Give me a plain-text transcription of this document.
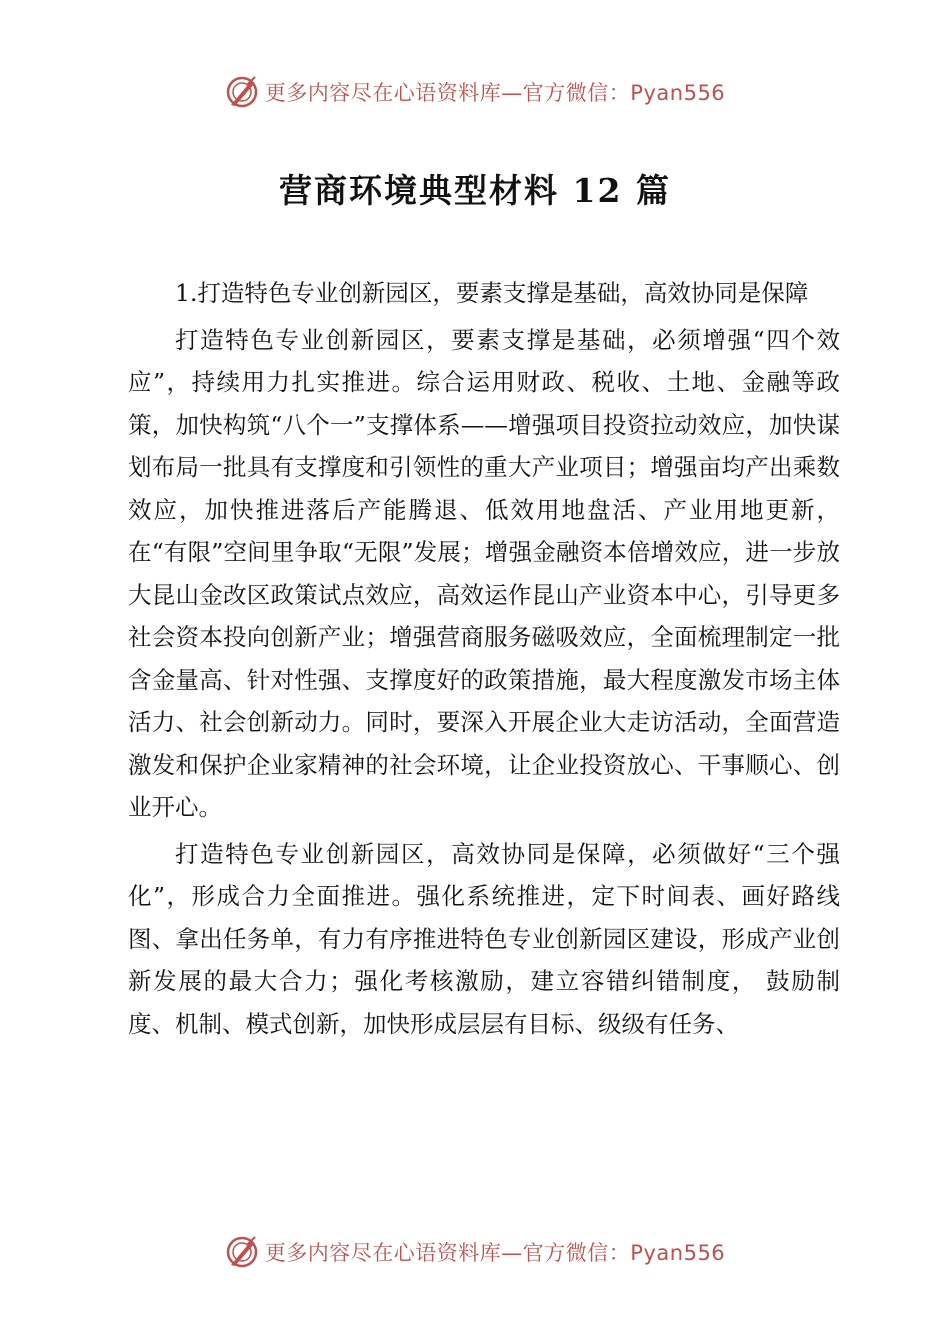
更多内容尽在心语资料库—官方微信：Pyan556
营商环境典型材料 12 篇

1.打造特色专业创新园区，要素支撑是基础，高效协同是保障

打造特色专业创新园区，要素支撑是基础，必须增强“四个效应”，持续用力扎实推进。综合运用财政、税收、土地、金融等政策，加快构筑“八个一”支撑体系——增强项目投资拉动效应，加快谋划布局一批具有支撑度和引领性的重大产业项目；增强亩均产出乘数效应，加快推进落后产能腾退、低效用地盘活、产业用地更新，在“有限”空间里争取“无限”发展；增强金融资本倍增效应，进一步放大昆山金改区政策试点效应，高效运作昆山产业资本中心，引导更多社会资本投向创新产业；增强营商服务磁吸效应，全面梳理制定一批含金量高、针对性强、支撑度好的政策措施，最大程度激发市场主体活力、社会创新动力。同时，要深入开展企业大走访活动，全面营造激发和保护企业家精神的社会环境，让企业投资放心、干事顺心、创业开心。

打造特色专业创新园区，高效协同是保障，必须做好“三个强化”，形成合力全面推进。强化系统推进，定下时间表、画好路线图、拿出任务单，有力有序推进特色专业创新园区建设，形成产业创新发展的最大合力；强化考核激励，建立容错纠错制度， 鼓励制度、机制、模式创新，加快形成层层有目标、级级有任务、

更多内容尽在心语资料库—官方微信：Pyan556
